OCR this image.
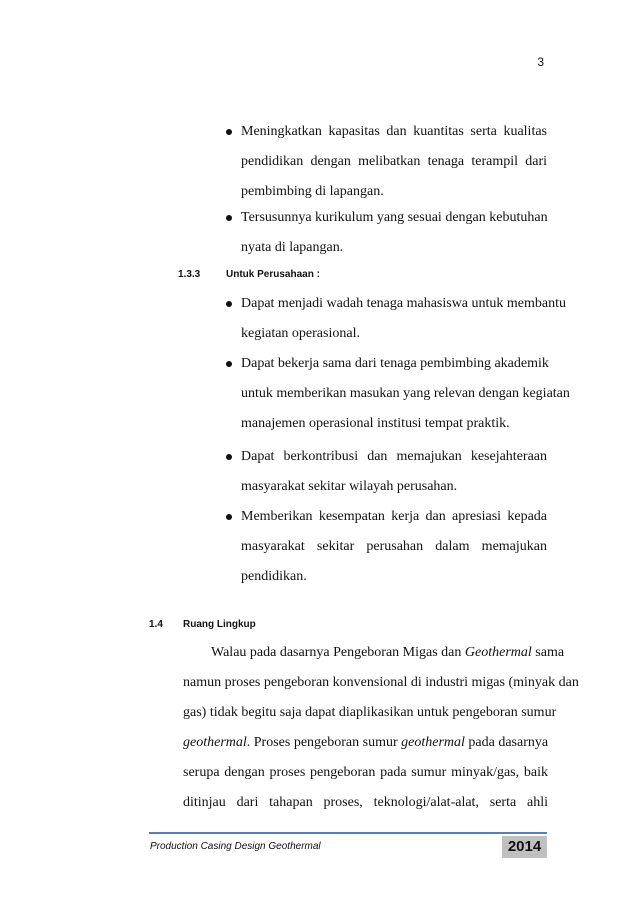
3
Meningkatkan kapasitas dan kuantitas serta kualitas
pendidikan dengan melibatkan tenaga terampil dari
pembimbing di lapangan.
Tersusunnya kurikulum yang sesuai dengan kebutuhan
nyata di lapangan.
1.3.3	Untuk Perusahaan :
Dapat menjadi wadah tenaga mahasiswa untuk membantu
kegiatan operasional.
Dapat bekerja sama dari tenaga pembimbing akademik
untuk memberikan masukan yang relevan dengan kegiatan
manajemen operasional institusi tempat praktik.
Dapat berkontribusi dan memajukan kesejahteraan
masyarakat sekitar wilayah perusahan.
Memberikan kesempatan kerja dan apresiasi kepada
masyarakat sekitar perusahan dalam memajukan
pendidikan.
1.4 Ruang Lingkup
Walau pada dasarnya Pengeboran Migas dan Geothermal sama
namun proses pengeboran konvensional di industri migas (minyak dan
gas) tidak begitu saja dapat diaplikasikan untuk pengeboran sumur
geothermal. Proses pengeboran sumur geothermal pada dasarnya
serupa dengan proses pengeboran pada sumur minyak/gas, baik
ditinjau dari tahapan proses, teknologi/alat-alat, serta ahli
Production Casing Design Geothermal	2014
